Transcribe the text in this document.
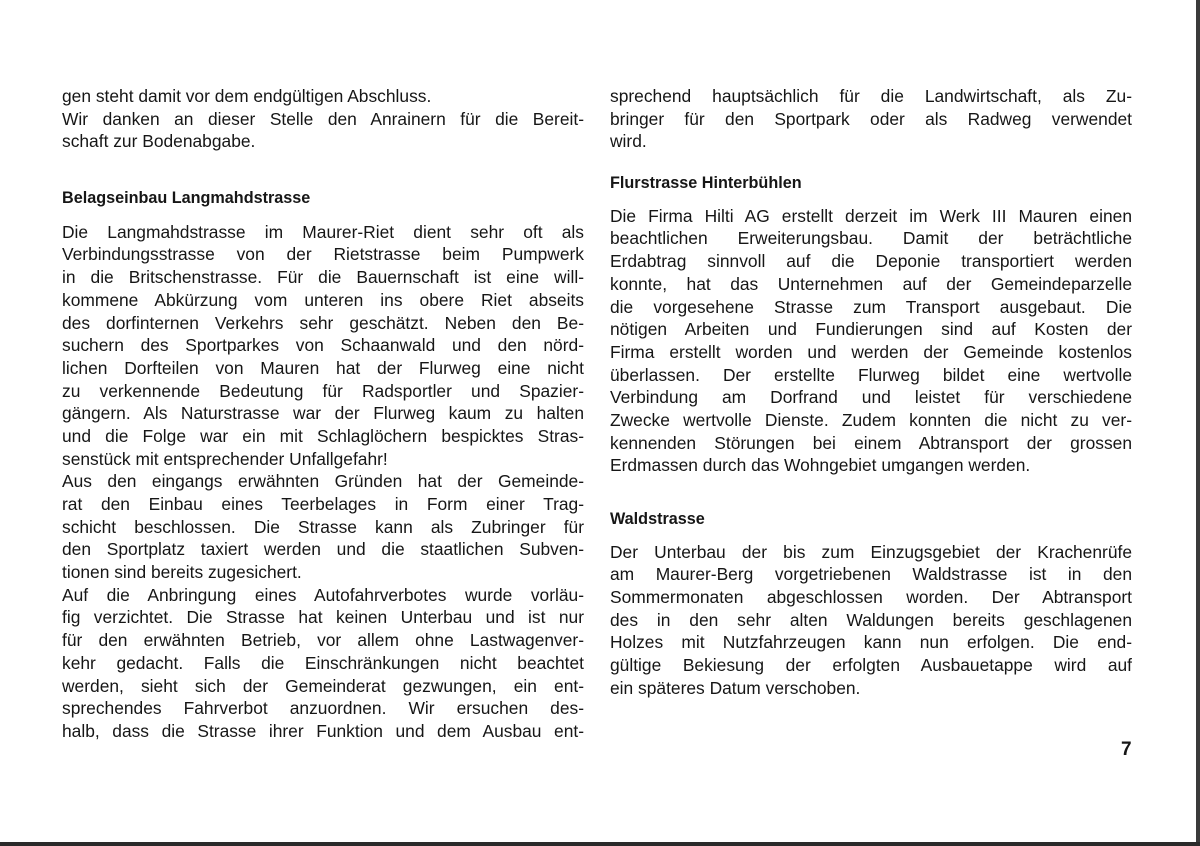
gen steht damit vor dem endgültigen Abschluss.
Wir danken an dieser Stelle den Anrainern für die Bereit-
schaft zur Bodenabgabe.
Belagseinbau Langmahdstrasse
Die Langmahdstrasse im Maurer-Riet dient sehr oft als
Verbindungsstrasse von der Rietstrasse beim Pumpwerk
in die Britschenstrasse. Für die Bauernschaft ist eine will-
kommene Abkürzung vom unteren ins obere Riet abseits
des dorfinternen Verkehrs sehr geschätzt. Neben den Be-
suchern des Sportparkes von Schaanwald und den nörd-
lichen Dorfteilen von Mauren hat der Flurweg eine nicht
zu verkennende Bedeutung für Radsportler und Spazier-
gängern. Als Naturstrasse war der Flurweg kaum zu halten
und die Folge war ein mit Schlaglöchern bespicktes Stras-
senstück mit entsprechender Unfallgefahr!
Aus den eingangs erwähnten Gründen hat der Gemeinde-
rat den Einbau eines Teerbelages in Form einer Trag-
schicht beschlossen. Die Strasse kann als Zubringer für
den Sportplatz taxiert werden und die staatlichen Subven-
tionen sind bereits zugesichert.
Auf die Anbringung eines Autofahrverbotes wurde vorläu-
fig verzichtet. Die Strasse hat keinen Unterbau und ist nur
für den erwähnten Betrieb, vor allem ohne Lastwagenver-
kehr gedacht. Falls die Einschränkungen nicht beachtet
werden, sieht sich der Gemeinderat gezwungen, ein ent-
sprechendes Fahrverbot anzuordnen. Wir ersuchen des-
halb, dass die Strasse ihrer Funktion und dem Ausbau ent-
sprechend hauptsächlich für die Landwirtschaft, als Zu-
bringer für den Sportpark oder als Radweg verwendet
wird.
Flurstrasse Hinterbühlen
Die Firma Hilti AG erstellt derzeit im Werk III Mauren einen
beachtlichen Erweiterungsbau. Damit der beträchtliche
Erdabtrag sinnvoll auf die Deponie transportiert werden
konnte, hat das Unternehmen auf der Gemeindeparzelle
die vorgesehene Strasse zum Transport ausgebaut. Die
nötigen Arbeiten und Fundierungen sind auf Kosten der
Firma erstellt worden und werden der Gemeinde kostenlos
überlassen. Der erstellte Flurweg bildet eine wertvolle
Verbindung am Dorfrand und leistet für verschiedene
Zwecke wertvolle Dienste. Zudem konnten die nicht zu ver-
kennenden Störungen bei einem Abtransport der grossen
Erdmassen durch das Wohngebiet umgangen werden.
Waldstrasse
Der Unterbau der bis zum Einzugsgebiet der Krachenrüfe
am Maurer-Berg vorgetriebenen Waldstrasse ist in den
Sommermonaten abgeschlossen worden. Der Abtransport
des in den sehr alten Waldungen bereits geschlagenen
Holzes mit Nutzfahrzeugen kann nun erfolgen. Die end-
gültige Bekiesung der erfolgten Ausbauetappe wird auf
ein späteres Datum verschoben.
7
